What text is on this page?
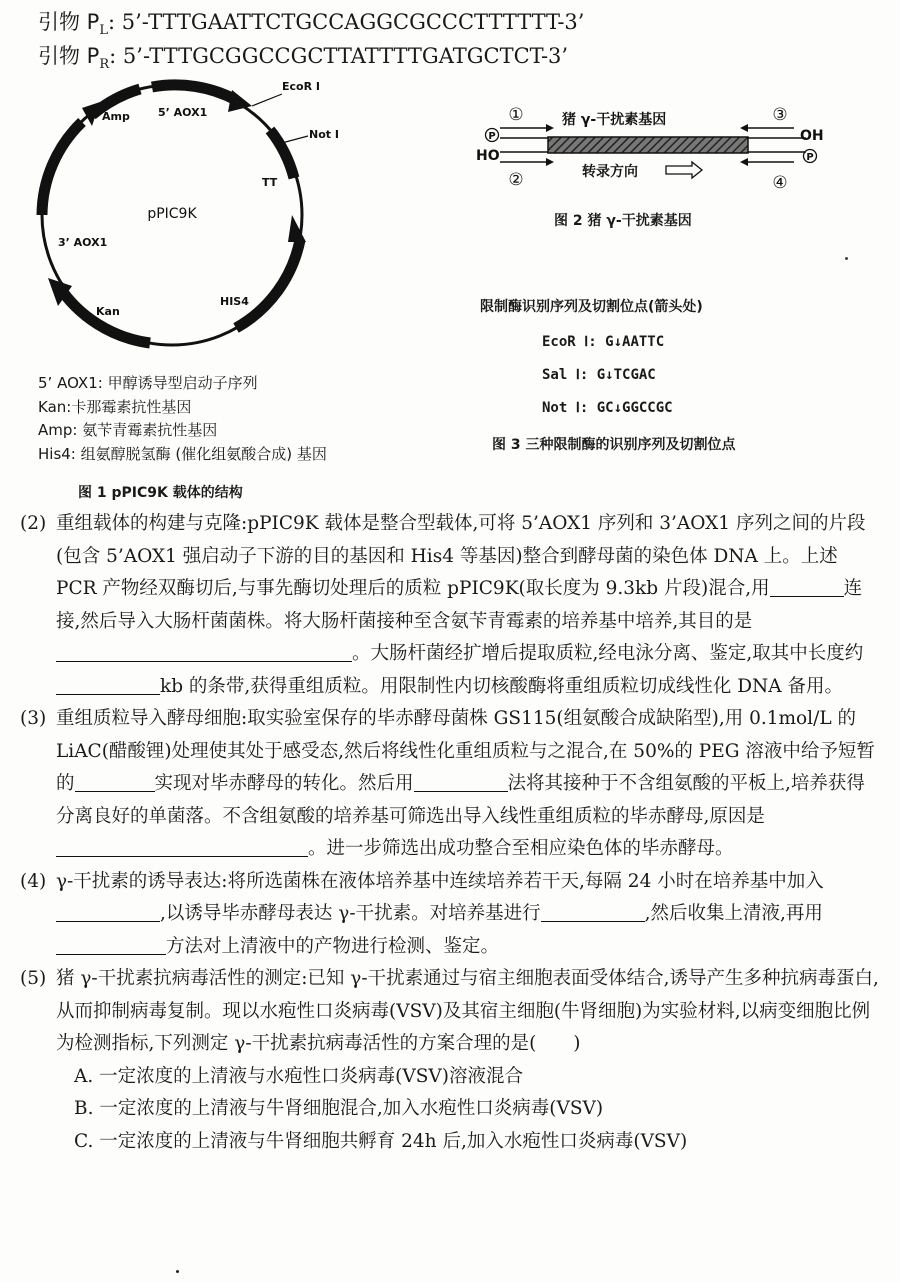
引物 $P_L$: 5’-TTTGAATTCTGCCAGGCGCCCTTTTTT-3’
引物 $P_R$: 5’-TTTGCGGCCGCTTATTTTGATGCTCT-3’
pPIC9K
Amp	5’ AOX1
EcoR Ⅰ
Not Ⅰ
TT
3’ AOX1
Kan
HIS4
5’ AOX1: 甲醇诱导型启动子序列
Kan:卡那霉素抗性基因
Amp: 氨苄青霉素抗性基因
His4: 组氨醇脱氢酶 (催化组氨酸合成) 基因
图 1 pPIC9K 载体的结构
①
②
③
④
P
HO
OH
P
猪 γ-干扰素基因
转录方向
图 2 猪 γ-干扰素基因
限制酶识别序列及切割位点(箭头处)
EcoR Ⅰ: G↓AATTC
Sal Ⅰ: G↓TCGAC
Not Ⅰ: GC↓GGCCGC
图 3 三种限制酶的识别序列及切割位点
(2) 重组载体的构建与克隆:pPIC9K 载体是整合型载体,可将 5’AOX1 序列和 3’AOX1 序列之间的片段(包含 5’AOX1 强启动子下游的目的基因和 His4 等基因)整合到酵母菌的染色体 DNA 上。上述 PCR 产物经双酶切后,与事先酶切处理后的质粒 pPIC9K(取长度为 9.3kb 片段)混合,用	连接,然后导入大肠杆菌菌株。将大肠杆菌接种至含氨苄青霉素的培养基中培养,其目的是。大肠杆菌经扩增后提取质粒,经电泳分离、鉴定,取其中长度约kb 的条带,获得重组质粒。用限制性内切核酸酶将重组质粒切成线性化 DNA 备用。
(3) 重组质粒导入酵母细胞:取实验室保存的毕赤酵母菌株 GS115(组氨酸合成缺陷型),用 0.1mol/L 的 LiAC(醋酸锂)处理使其处于感受态,然后将线性化重组质粒与之混合,在 50%的 PEG 溶液中给予短暂的	实现对毕赤酵母的转化。然后用	法将其接种于不含组氨酸的平板上,培养获得分离良好的单菌落。不含组氨酸的培养基可筛选出导入线性重组质粒的毕赤酵母,原因是。进一步筛选出成功整合至相应染色体的毕赤酵母。
(4) γ-干扰素的诱导表达:将所选菌株在液体培养基中连续培养若干天,每隔 24 小时在培养基中加入,以诱导毕赤酵母表达 γ-干扰素。对培养基进行	,然后收集上清液,再用方法对上清液中的产物进行检测、鉴定。
(5) 猪 γ-干扰素抗病毒活性的测定:已知 γ-干扰素通过与宿主细胞表面受体结合,诱导产生多种抗病毒蛋白,从而抑制病毒复制。现以水疱性口炎病毒(VSV)及其宿主细胞(牛肾细胞)为实验材料,以病变细胞比例为检测指标,下列测定 γ-干扰素抗病毒活性的方案合理的是(　　)
A. 一定浓度的上清液与水疱性口炎病毒(VSV)溶液混合
B. 一定浓度的上清液与牛肾细胞混合,加入水疱性口炎病毒(VSV)
C. 一定浓度的上清液与牛肾细胞共孵育 24h 后,加入水疱性口炎病毒(VSV)
